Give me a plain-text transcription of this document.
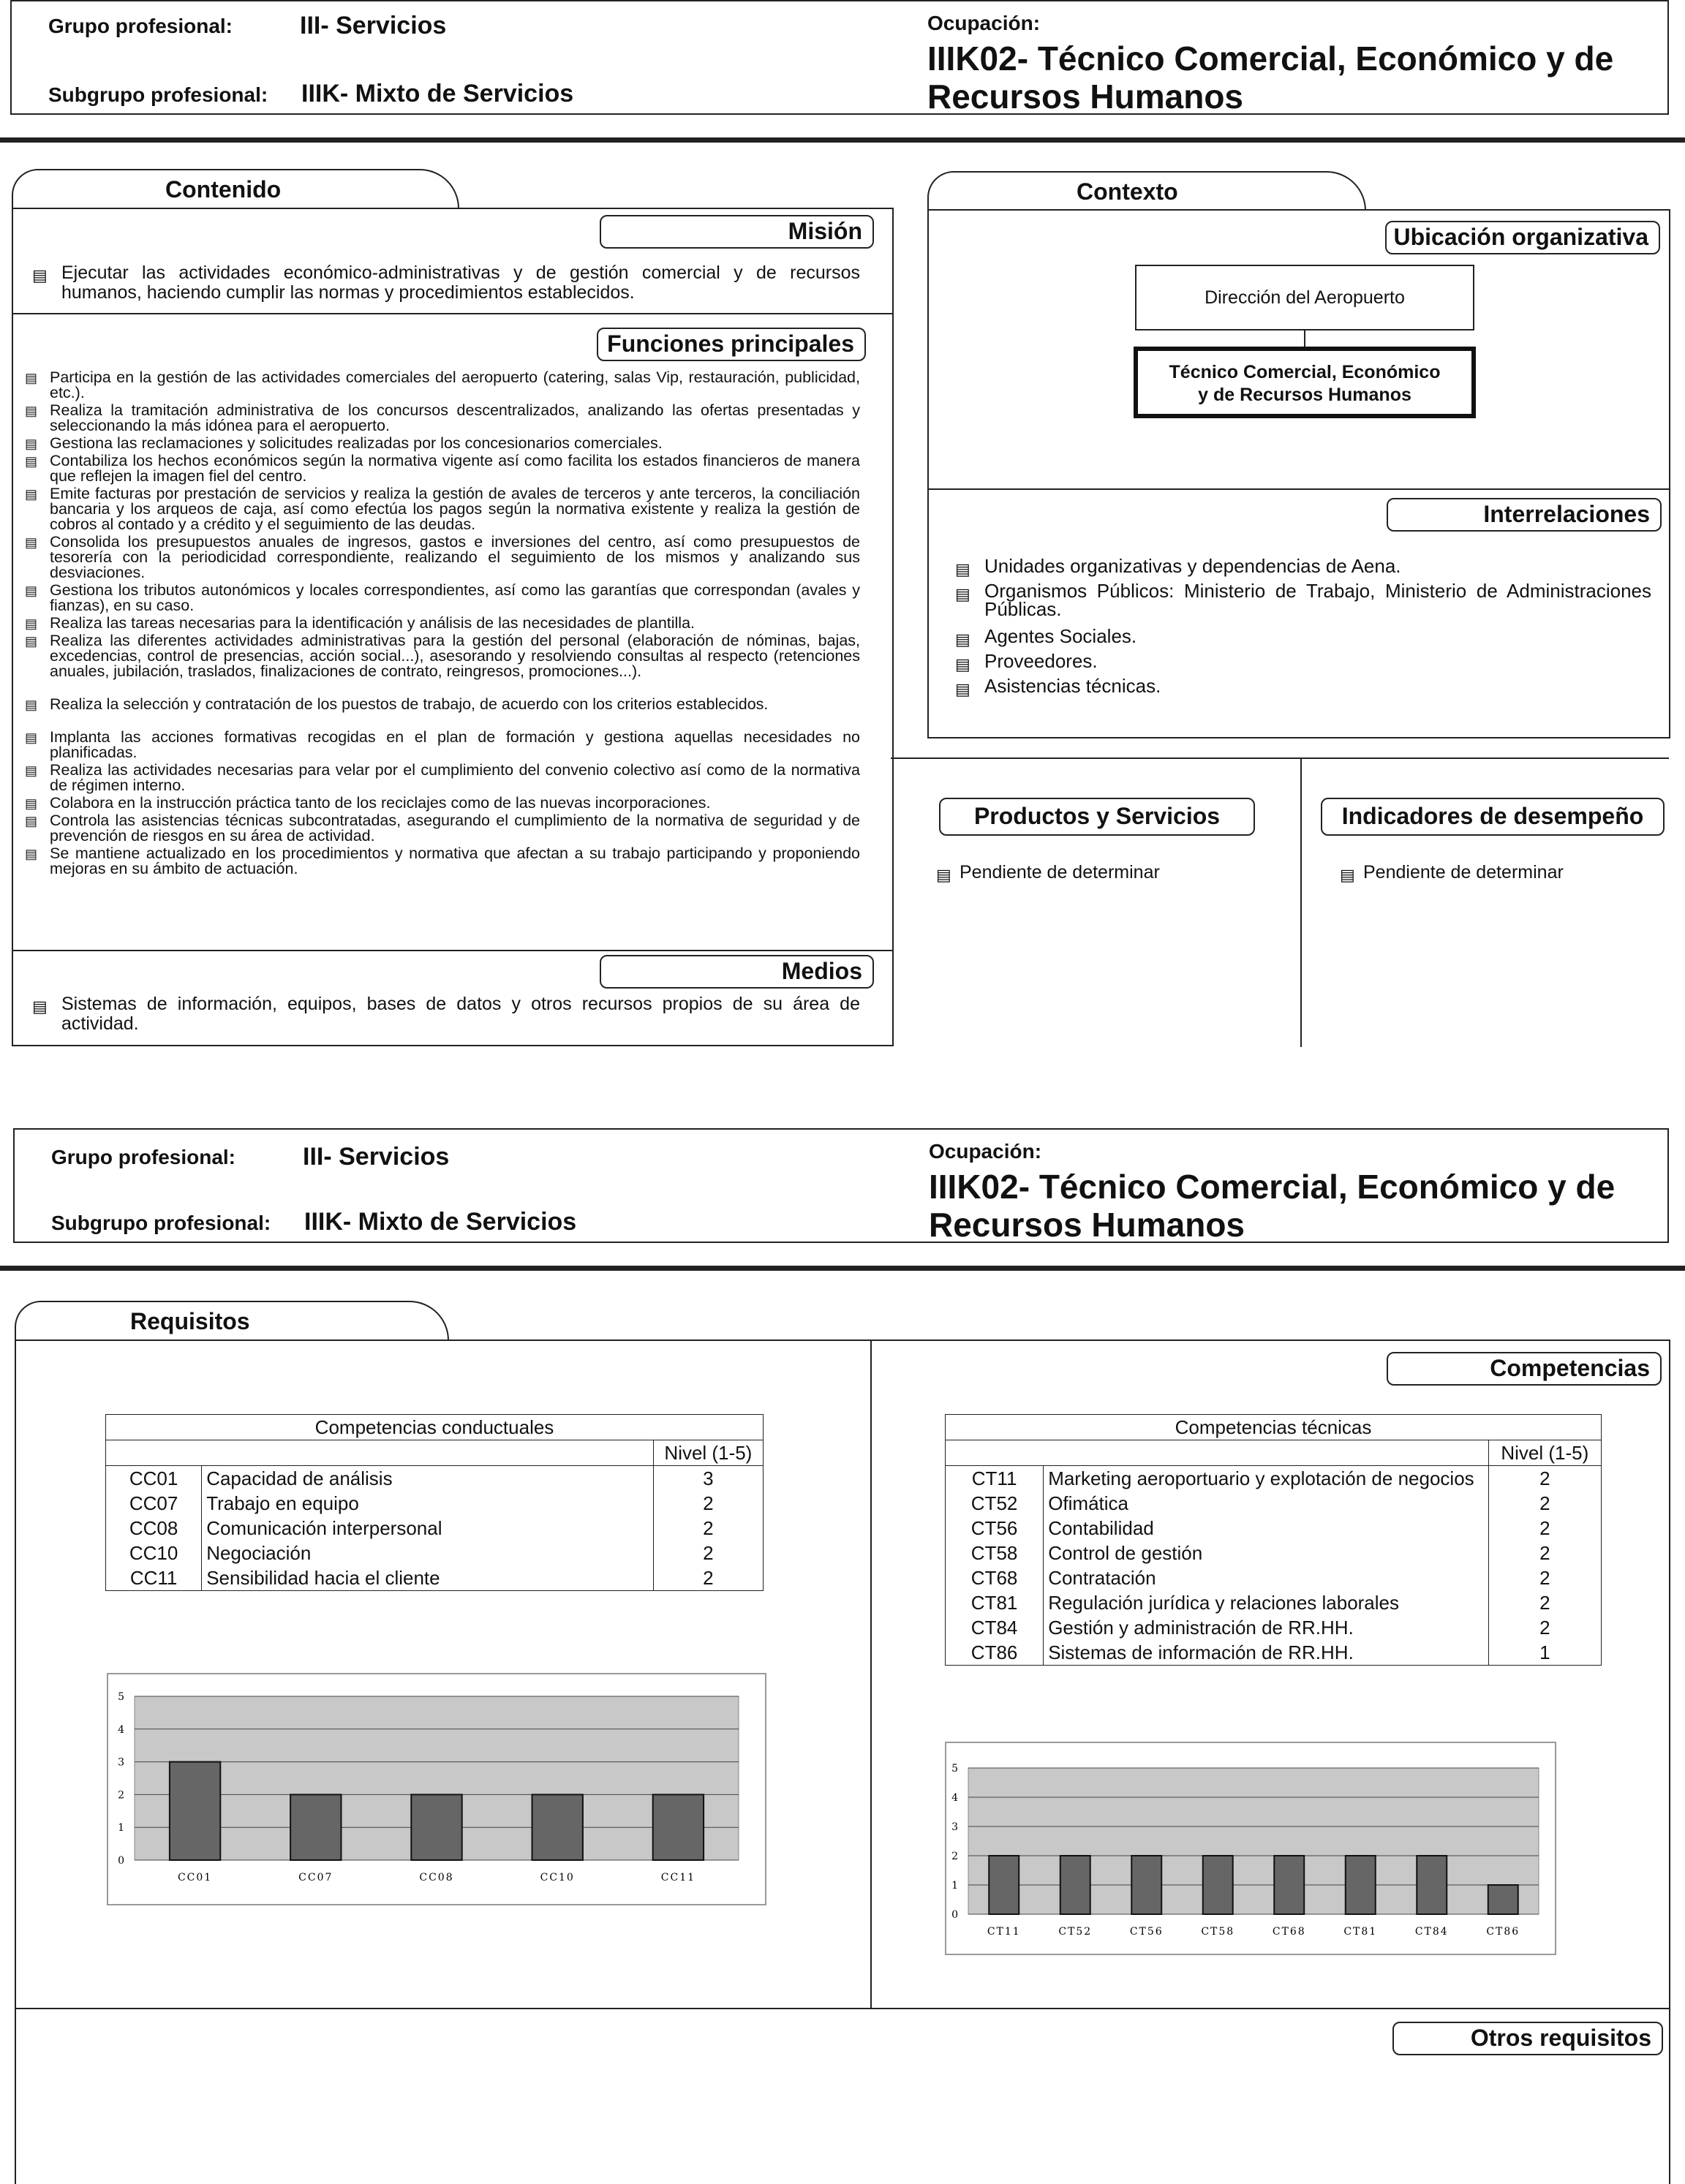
Grupo profesional:	III- Servicios
Subgrupo profesional: IIIK- Mixto de Servicios
Ocupación:
IIIK02- Técnico Comercial, Económico y de
Recursos Humanos
Contenido
Misión
▤ Ejecutar las actividades económico-administrativas y de gestión comercial y de recursos humanos, haciendo cumplir las normas y procedimientos establecidos.
Funciones principales
▤ Participa en la gestión de las actividades comerciales del aeropuerto (catering, salas Vip, restauración, publicidad, etc.).
▤ Realiza la tramitación administrativa de los concursos descentralizados, analizando las ofertas presentadas y seleccionando la más idónea para el aeropuerto.
▤ Gestiona las reclamaciones y solicitudes realizadas por los concesionarios comerciales.
▤ Contabiliza los hechos económicos según la normativa vigente así como facilita los estados financieros de manera que reflejen la imagen fiel del centro.
▤ Emite facturas por prestación de servicios y realiza la gestión de avales de terceros y ante terceros, la conciliación bancaria y los arqueos de caja, así como efectúa los pagos según la normativa existente y realiza la gestión de cobros al contado y a crédito y el seguimiento de las deudas.
▤ Consolida los presupuestos anuales de ingresos, gastos e inversiones del centro, así como presupuestos de tesorería con la periodicidad correspondiente, realizando el seguimiento de los mismos y analizando sus desviaciones.
▤ Gestiona los tributos autonómicos y locales correspondientes, así como las garantías que correspondan (avales y fianzas), en su caso.
▤ Realiza las tareas necesarias para la identificación y análisis de las necesidades de plantilla.
▤ Realiza las diferentes actividades administrativas para la gestión del personal (elaboración de nóminas, bajas, excedencias, control de presencias, acción social...), asesorando y resolviendo consultas al respecto (retenciones anuales, jubilación, traslados, finalizaciones de contrato, reingresos, promociones...).
▤ Realiza la selección y contratación de los puestos de trabajo, de acuerdo con los criterios establecidos.
▤ Implanta las acciones formativas recogidas en el plan de formación y gestiona aquellas necesidades no planificadas.
▤ Realiza las actividades necesarias para velar por el cumplimiento del convenio colectivo así como de la normativa de régimen interno.
▤ Colabora en la instrucción práctica tanto de los reciclajes como de las nuevas incorporaciones.
▤ Controla las asistencias técnicas subcontratadas, asegurando el cumplimiento de la normativa de seguridad y de prevención de riesgos en su área de actividad.
▤ Se mantiene actualizado en los procedimientos y normativa que afectan a su trabajo participando y proponiendo mejoras en su ámbito de actuación.
Medios
▤ Sistemas de información, equipos, bases de datos y otros recursos propios de su área de actividad.
Contexto
Ubicación organizativa
Dirección del Aeropuerto
Técnico Comercial, Económico
y de Recursos Humanos
Interrelaciones
▤ Unidades organizativas y dependencias de Aena.
▤ Organismos Públicos: Ministerio de Trabajo, Ministerio de Administraciones Públicas.
▤ Agentes Sociales.
▤ Proveedores.
▤ Asistencias técnicas.
Productos y Servicios
▤ Pendiente de determinar
Indicadores de desempeño
▤ Pendiente de determinar
Grupo profesional:	III- Servicios
Subgrupo profesional: IIIK- Mixto de Servicios
Ocupación:
IIIK02- Técnico Comercial, Económico y de
Recursos Humanos
Requisitos
Competencias
Otros requisitos
Competencias conductuales		
		Nivel (1-5)
CC01	Capacidad de análisis	3
CC07	Trabajo en equipo	2
CC08	Comunicación interpersonal	2
CC10	Negociación	2
CC11	Sensibilidad hacia el cliente	2
Competencias técnicas		
		Nivel (1-5)
CT11	Marketing aeroportuario y explotación de negocios	2
CT52	Ofimática	2
CT56	Contabilidad	2
CT58	Control de gestión	2
CT68	Contratación	2
CT81	Regulación jurídica y relaciones laborales	2
CT84	Gestión y administración de RR.HH.	2
CT86	Sistemas de información de RR.HH.	1
0
1
2
3
4
5
CC01	CC07	CC08	CC10	CC11
0
1
2
3
4
5
CT11	CT52	CT56	CT58	CT68	CT81	CT84	CT86
